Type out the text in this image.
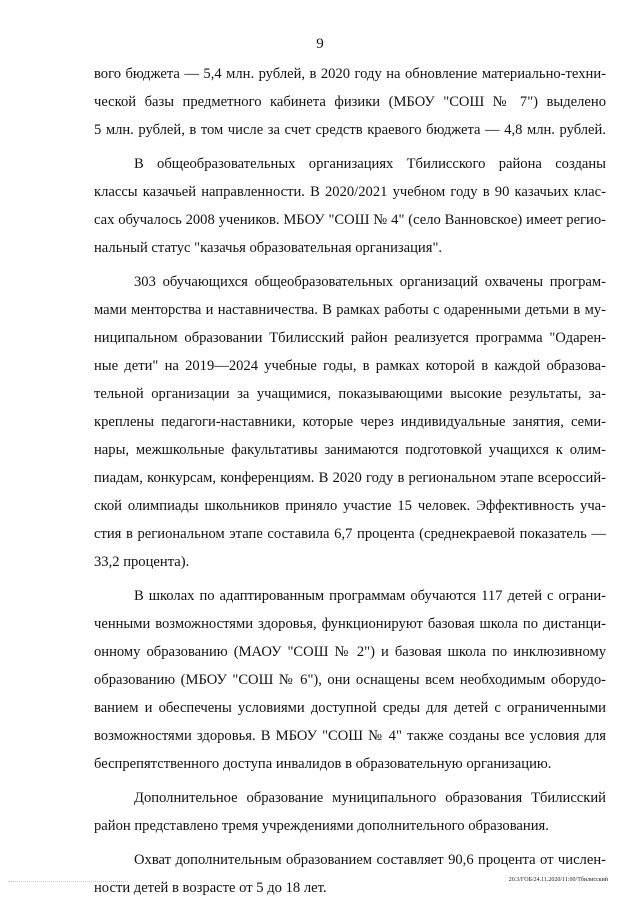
9
вого бюджета — 5,4 млн. рублей, в 2020 году на обновление материально-техни-
ческой базы предметного кабинета физики (МБОУ "СОШ № 7") выделено
5 млн. рублей, в том числе за счет средств краевого бюджета — 4,8 млн. рублей.
В общеобразовательных организациях Тбилисского района созданы
классы казачьей направленности. В 2020/2021 учебном году в 90 казачьих клас-
сах обучалось 2008 учеников. МБОУ "СОШ № 4" (село Ванновское) имеет регио-
нальный статус "казачья образовательная организация".
303 обучающихся общеобразовательных организаций охвачены програм-
мами менторства и наставничества. В рамках работы с одаренными детьми в му-
ниципальном образовании Тбилисский район реализуется программа "Одарен-
ные дети" на 2019—2024 учебные годы, в рамках которой в каждой образова-
тельной организации за учащимися, показывающими высокие результаты, за-
креплены педагоги-наставники, которые через индивидуальные занятия, семи-
нары, межшкольные факультативы занимаются подготовкой учащихся к олим-
пиадам, конкурсам, конференциям. В 2020 году в региональном этапе всероссий-
ской олимпиады школьников приняло участие 15 человек. Эффективность уча-
стия в региональном этапе составила 6,7 процента (среднекраевой показатель —
33,2 процента).
В школах по адаптированным программам обучаются 117 детей с ограни-
ченными возможностями здоровья, функционируют базовая школа по дистанци-
онному образованию (МАОУ "СОШ № 2") и базовая школа по инклюзивному
образованию (МБОУ "СОШ № 6"), они оснащены всем необходимым оборудо-
ванием и обеспечены условиями доступной среды для детей с ограниченными
возможностями здоровья. В МБОУ "СОШ № 4" также созданы все условия для
беспрепятственного доступа инвалидов в образовательную организацию.
Дополнительное образование муниципального образования Тбилисский
район представлено тремя учреждениями дополнительного образования.
Охват дополнительным образованием составляет 90,6 процента от числен-
ности детей в возрасте от 5 до 18 лет.	20.3/ГОБ/24.11.2020/11:00/Тбилисский
